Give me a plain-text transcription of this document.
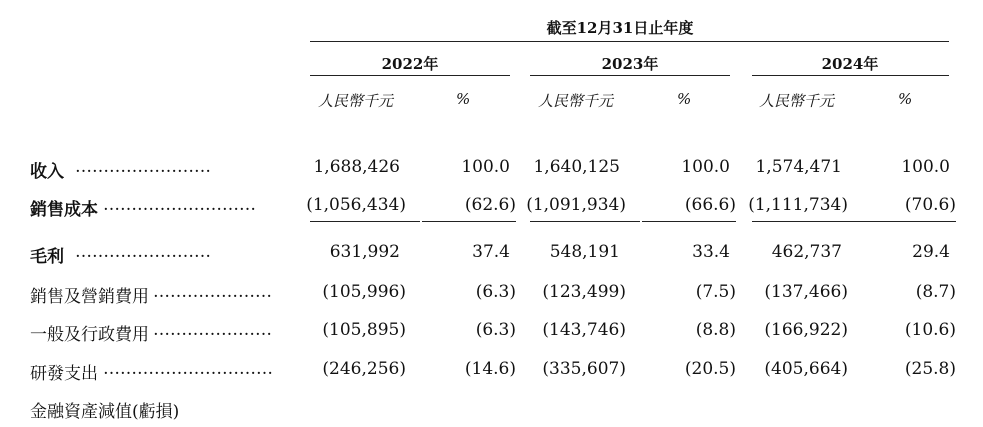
截至12月31日止年度
2022年	2023年	2024年
人民幣千元	%	人民幣千元	%	人民幣千元	%
收入 ……………………	1,688,426	100.0	1,640,125	100.0	1,574,471	100.0
銷售成本 ………………………	(1,056,434)	(62.6) (1,091,934)	(66.6) (1,111,734)	(70.6)
毛利 ……………………	631,992	37.4	548,191	33.4	462,737	29.4
銷售及營銷費用 …………………	(105,996)	(6.3)	(123,499)	(7.5)	(137,466)	(8.7)
一般及行政費用 …………………	(105,895)	(6.3)	(143,746)	(8.8)	(166,922)	(10.6)
研發支出 …………………………	(246,256)	(14.6)	(335,607)	(20.5)	(405,664)	(25.8)
金融資產減值(虧損)
